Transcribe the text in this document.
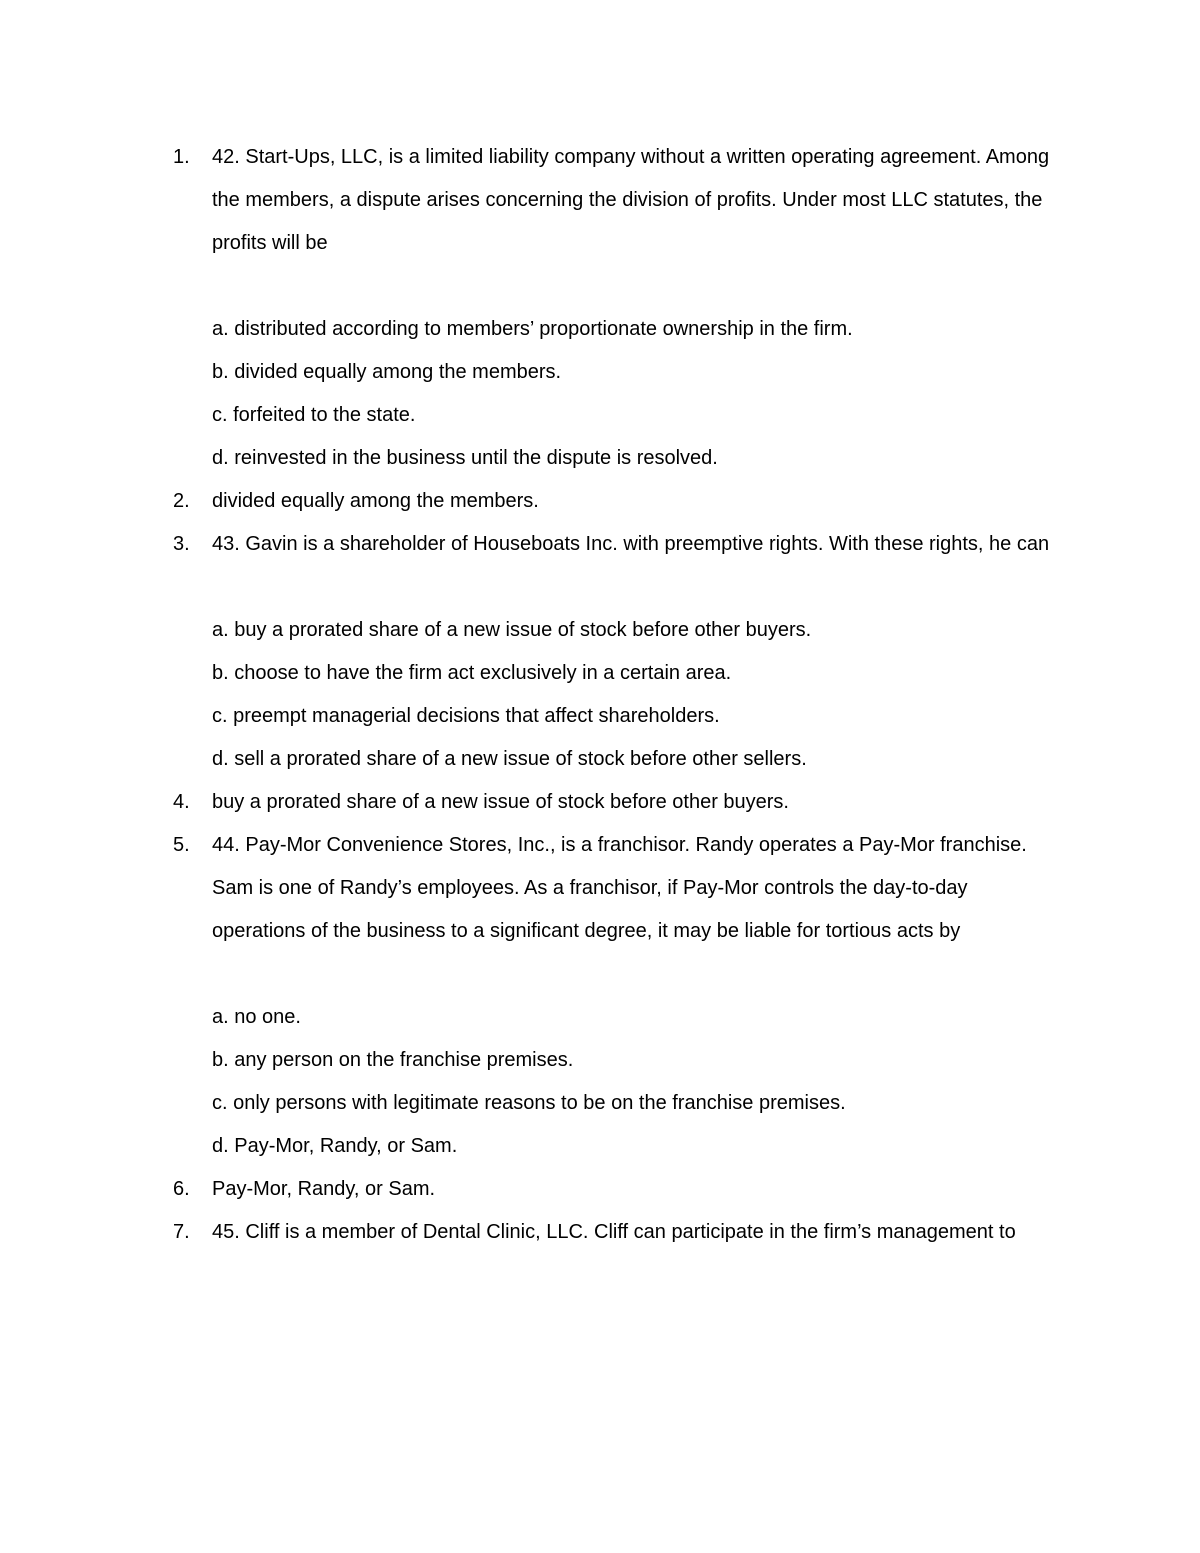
1. 42. Start-Ups, LLC, is a limited liability company without a written operating agreement. Among the members, a dispute arises concerning the division of profits. Under most LLC statutes, the profits will be
a. distributed according to members’ proportionate ownership in the firm.
b. divided equally among the members.
c. forfeited to the state.
d. reinvested in the business until the dispute is resolved.
2. divided equally among the members.
3. 43. Gavin is a shareholder of Houseboats Inc. with preemptive rights. With these rights, he can
a. buy a prorated share of a new issue of stock before other buyers.
b. choose to have the firm act exclusively in a certain area.
c. preempt managerial decisions that affect shareholders.
d. sell a prorated share of a new issue of stock before other sellers.
4. buy a prorated share of a new issue of stock before other buyers.
5. 44. Pay-Mor Convenience Stores, Inc., is a franchisor. Randy operates a Pay-Mor franchise. Sam is one of Randy’s employees. As a franchisor, if Pay-Mor controls the day-to-day operations of the business to a significant degree, it may be liable for tortious acts by
a. no one.
b. any person on the franchise premises.
c. only persons with legitimate reasons to be on the franchise premises.
d. Pay-Mor, Randy, or Sam.
6. Pay-Mor, Randy, or Sam.
7. 45. Cliff is a member of Dental Clinic, LLC. Cliff can participate in the firm’s management to
